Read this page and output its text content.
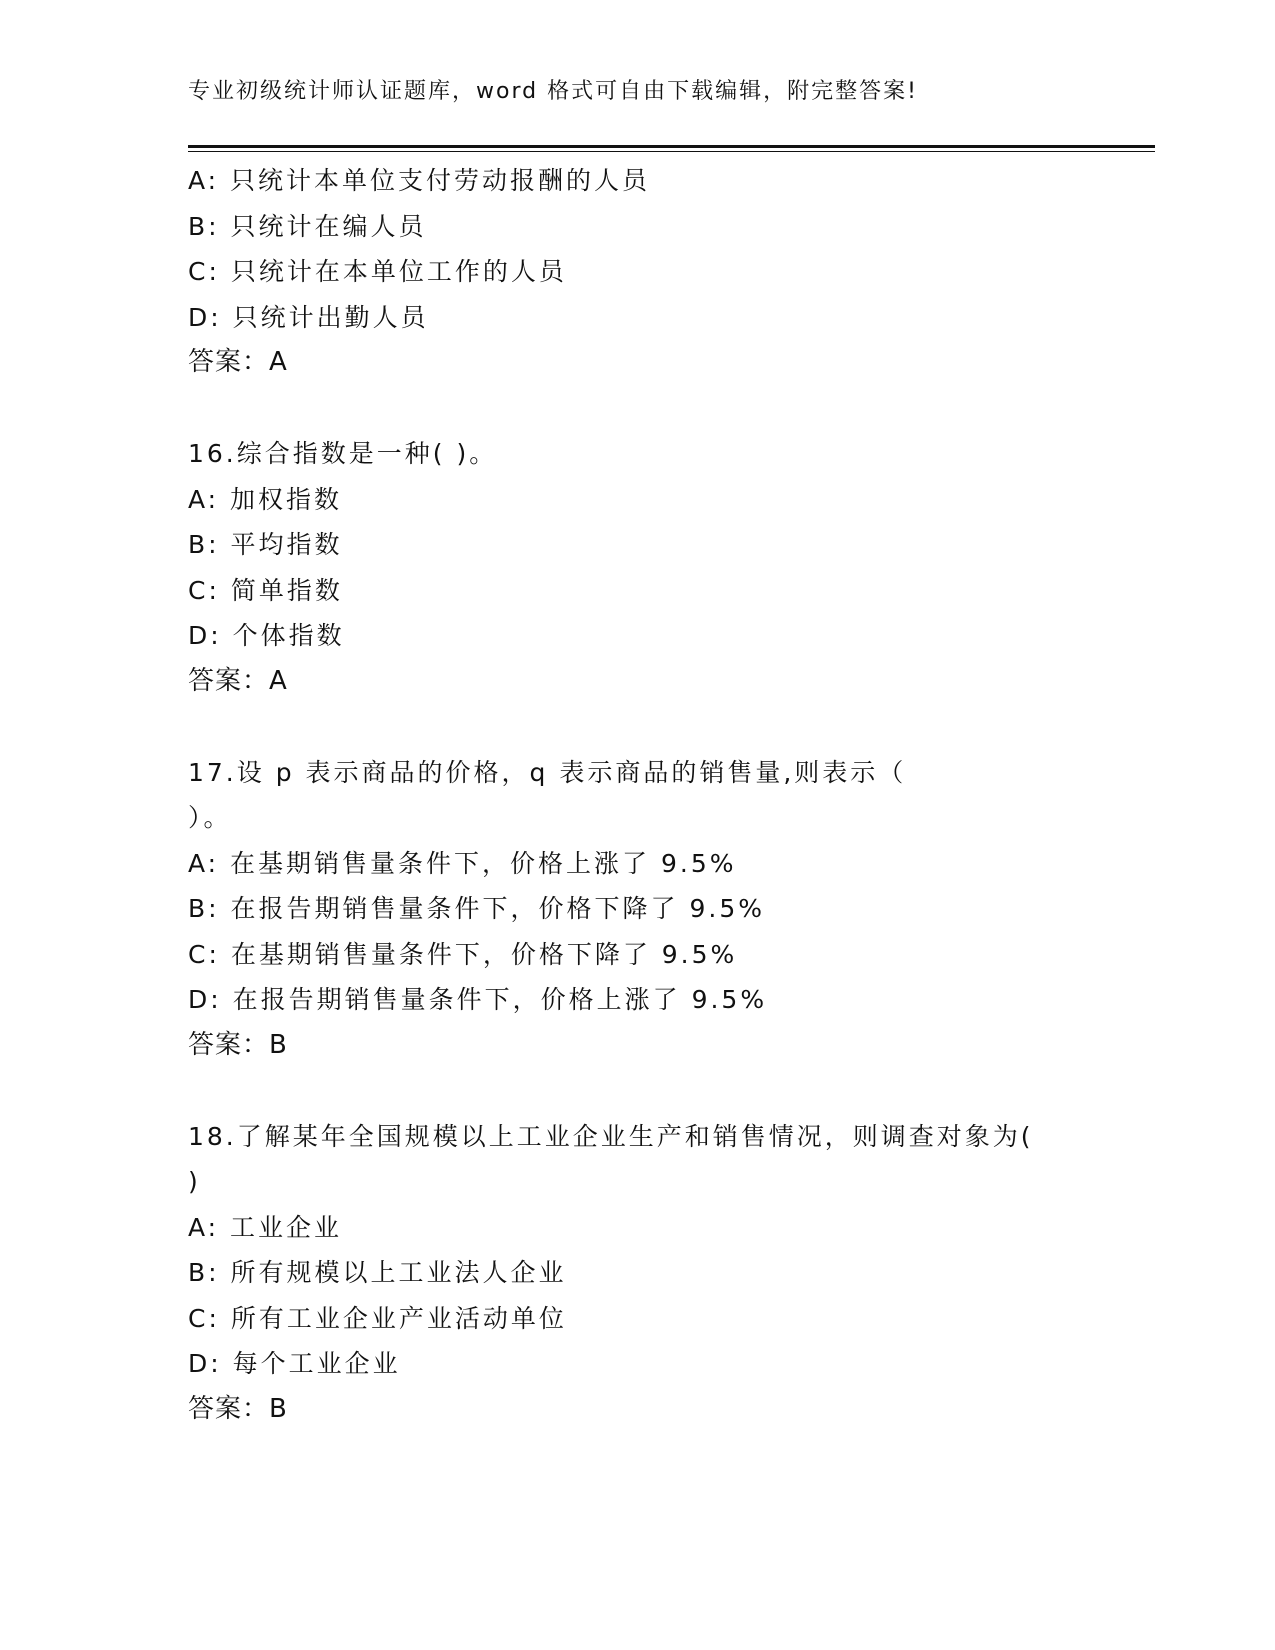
专业初级统计师认证题库，word 格式可自由下载编辑，附完整答案!
A: 只统计本单位支付劳动报酬的人员
B: 只统计在编人员
C: 只统计在本单位工作的人员
D: 只统计出勤人员
答案：A
16.综合指数是一种( )。
A: 加权指数
B: 平均指数
C: 简单指数
D: 个体指数
答案：A
17.设 p 表示商品的价格，q 表示商品的销售量,则表示（
）。
A: 在基期销售量条件下，价格上涨了 9.5%
B: 在报告期销售量条件下，价格下降了 9.5%
C: 在基期销售量条件下，价格下降了 9.5%
D: 在报告期销售量条件下，价格上涨了 9.5%
答案：B
18.了解某年全国规模以上工业企业生产和销售情况，则调查对象为(
)
A: 工业企业
B: 所有规模以上工业法人企业
C: 所有工业企业产业活动单位
D: 每个工业企业
答案：B
